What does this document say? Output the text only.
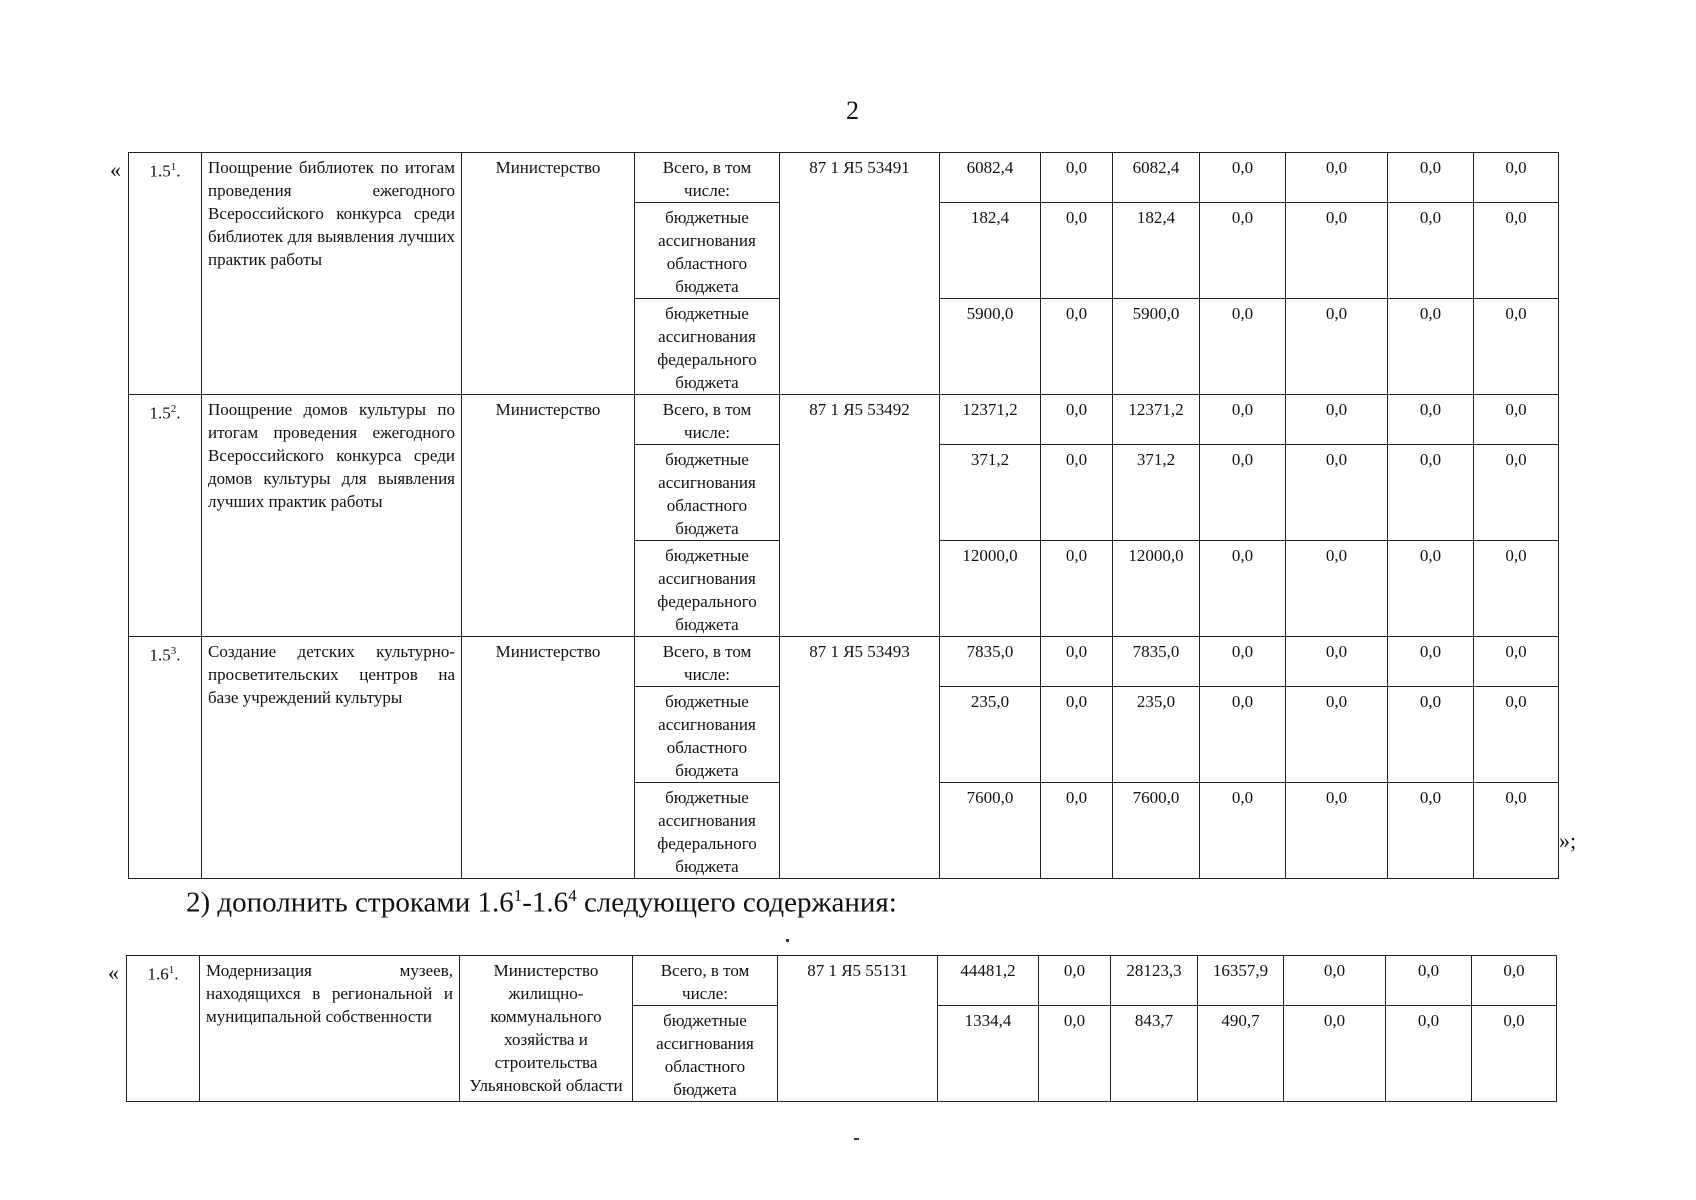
2
« $1.5^1$.	Поощрение библиотек по итогам проведения ежегодного Всероссийского конкурса среди библиотек для выявления лучших практик работы	Министерство	Всего, в том числе:	87 1 Я5 53491	6082,4	0,0	6082,4	0,0	0,0	0,0	0,0
			бюджетные ассигнования областного бюджета		182,4	0,0	182,4	0,0	0,0	0,0	0,0
			бюджетные ассигнования федерального бюджета		5900,0	0,0	5900,0	0,0	0,0	0,0	0,0
$1.5^2$.	Поощрение домов культуры по итогам проведения ежегодного Всероссийского конкурса среди домов культуры для выявления лучших практик работы	Министерство	Всего, в том числе:	87 1 Я5 53492	12371,2	0,0	12371,2	0,0	0,0	0,0	0,0
			бюджетные ассигнования областного бюджета		371,2	0,0	371,2	0,0	0,0	0,0	0,0
			бюджетные ассигнования федерального бюджета		12000,0	0,0	12000,0	0,0	0,0	0,0	0,0
$1.5^3$.	Создание детских культурно-просветительских центров на базе учреждений культуры	Министерство	Всего, в том числе:	87 1 Я5 53493	7835,0	0,0	7835,0	0,0	0,0	0,0	0,0
			бюджетные ассигнования областного бюджета		235,0	0,0	235,0	0,0	0,0	0,0	0,0
			бюджетные ассигнования федерального бюджета		7600,0	0,0	7600,0	0,0	0,0	0,0	0,0
»;
2) дополнить строками $1.6^1-1.6^4$ следующего содержания:
« $1.6^1$.	Модернизация музеев, находящихся в региональной и муниципальной собственности	Министерство жилищно-коммунального хозяйства и строительства Ульяновской области	Всего, в том числе:	87 1 Я5 55131	44481,2	0,0	28123,3	16357,9	0,0	0,0	0,0
			бюджетные ассигнования областного бюджета		1334,4	0,0	843,7	490,7	0,0	0,0	0,0
